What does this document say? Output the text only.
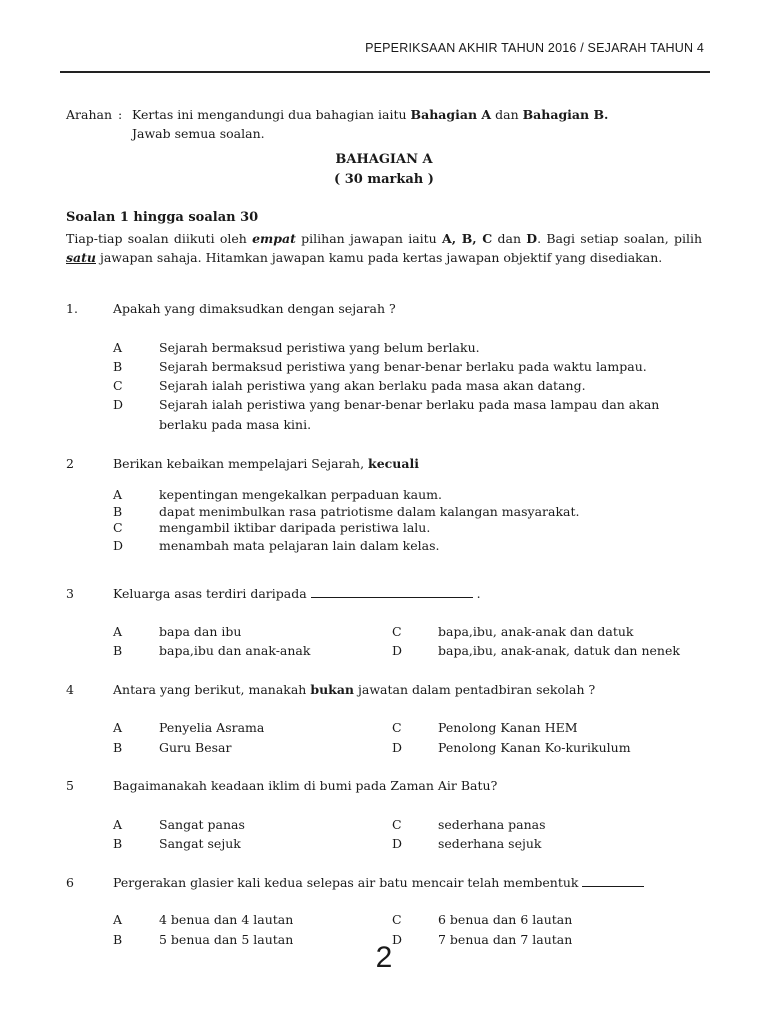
PEPERIKSAAN AKHIR TAHUN 2016 / SEJARAH TAHUN 4
Arahan : Kertas ini mengandungi dua bahagian iaitu Bahagian A dan Bahagian B.
Jawab semua soalan.
BAHAGIAN A
( 30 markah )
Soalan 1 hingga soalan 30
Tiap-tiap soalan diikuti oleh empat pilihan jawapan iaitu A, B, C dan D. Bagi setiap soalan, pilih satu jawapan sahaja. Hitamkan jawapan kamu pada kertas jawapan objektif yang disediakan.
1.	Apakah yang dimaksudkan dengan sejarah ?
A	Sejarah bermaksud peristiwa yang belum berlaku.
B	Sejarah bermaksud peristiwa yang benar-benar berlaku pada waktu lampau.
C	Sejarah ialah peristiwa yang akan berlaku pada masa akan datang.
D	Sejarah ialah peristiwa yang benar-benar berlaku pada masa lampau dan akan
berlaku pada masa kini.
2	Berikan kebaikan mempelajari Sejarah, kecuali
A	kepentingan mengekalkan perpaduan kaum.
B	dapat menimbulkan rasa patriotisme dalam kalangan masyarakat.
C	mengambil iktibar daripada peristiwa lalu.
D	menambah mata pelajaran lain dalam kelas.
3	Keluarga asas terdiri daripada	.
A	bapa dan ibu
B	bapa,ibu dan anak-anak
C	bapa,ibu, anak-anak dan datuk
D	bapa,ibu, anak-anak, datuk dan nenek
4	Antara yang berikut, manakah bukan jawatan dalam pentadbiran sekolah ?
A	Penyelia Asrama
B	Guru Besar
C	Penolong Kanan HEM
D	Penolong Kanan Ko-kurikulum
5	Bagaimanakah keadaan iklim di bumi pada Zaman Air Batu?
A	Sangat panas
B	Sangat sejuk
C	sederhana panas
D	sederhana sejuk
6	Pergerakan glasier kali kedua selepas air batu mencair telah membentuk
A	4 benua dan 4 lautan
B	5 benua dan 5 lautan
C	6 benua dan 6 lautan
D	7 benua dan 7 lautan
2
